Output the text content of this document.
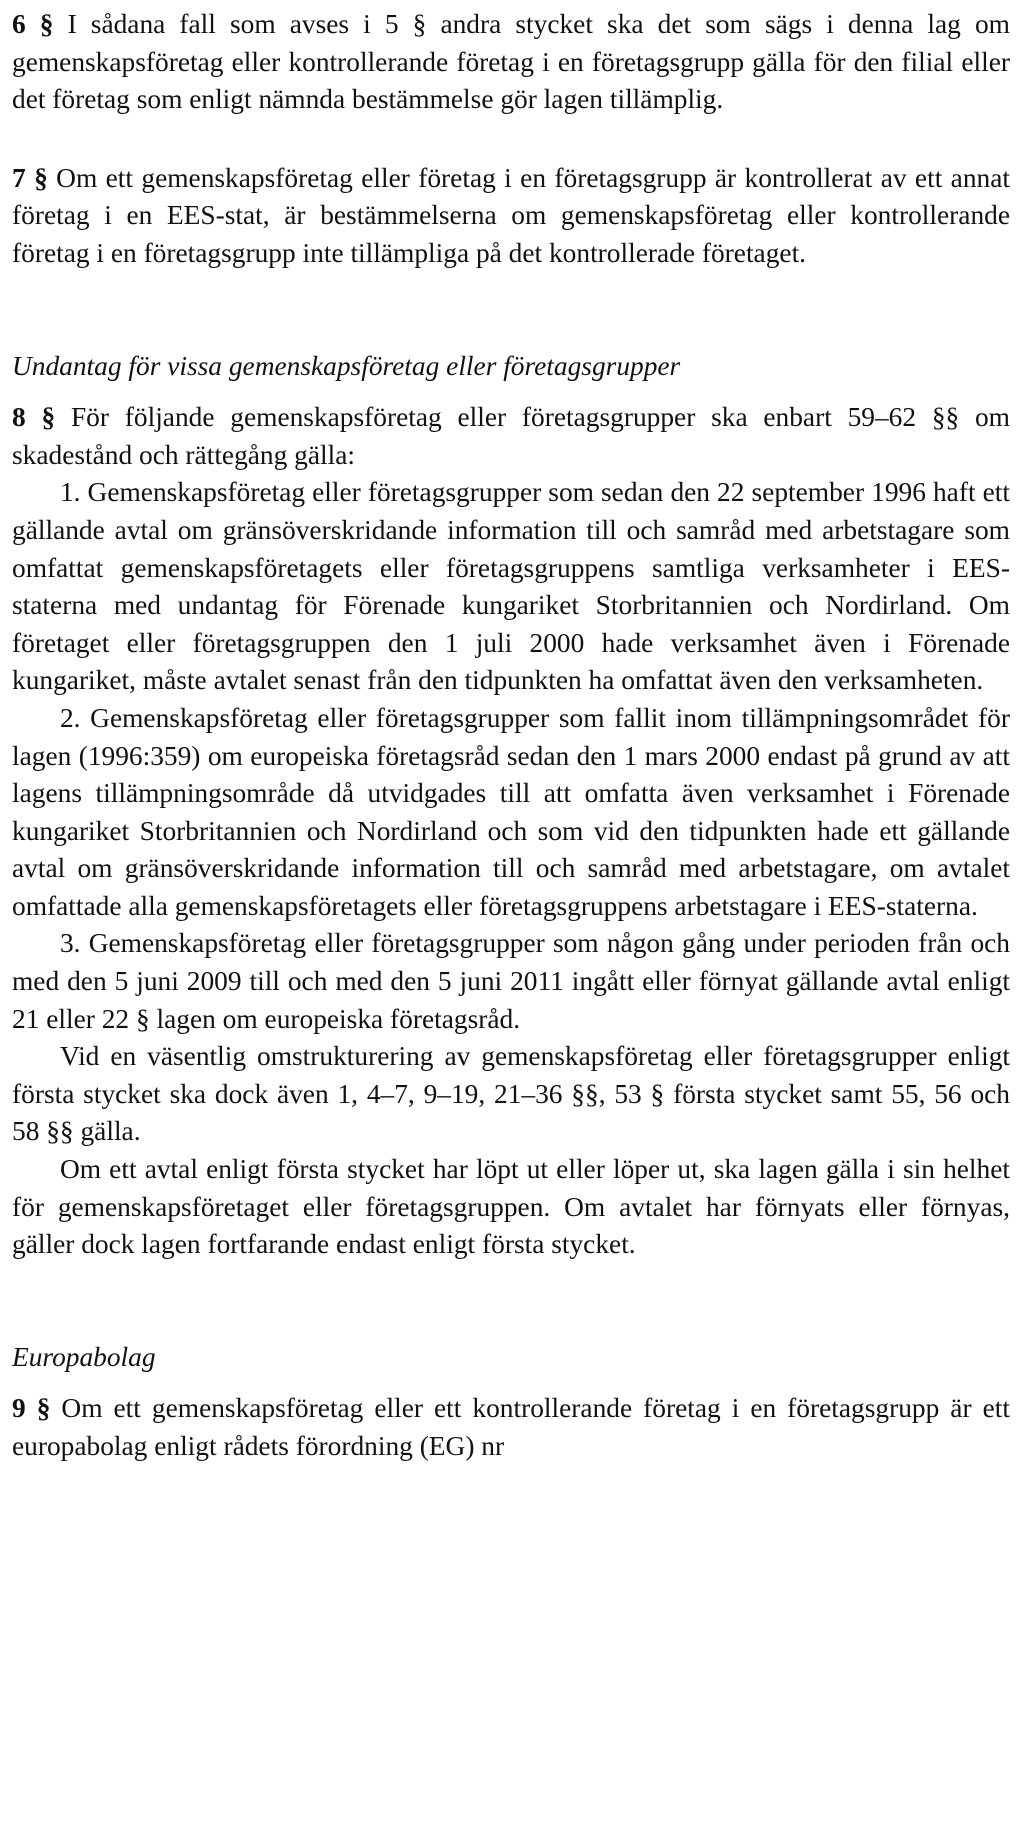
6 § I sådana fall som avses i 5 § andra stycket ska det som sägs i denna lag om gemenskapsföretag eller kontrollerande företag i en företagsgrupp gälla för den filial eller det företag som enligt nämnda bestämmelse gör lagen tillämplig.

7 § Om ett gemenskapsföretag eller företag i en företagsgrupp är kontrollerat av ett annat företag i en EES-stat, är bestämmelserna om gemenskapsföretag eller kontrollerande företag i en företagsgrupp inte tillämpliga på det kontrollerade företaget.

Undantag för vissa gemenskapsföretag eller företagsgrupper

8 § För följande gemenskapsföretag eller företagsgrupper ska enbart 59–62 §§ om skadestånd och rättegång gälla:

1. Gemenskapsföretag eller företagsgrupper som sedan den 22 september 1996 haft ett gällande avtal om gränsöverskridande information till och samråd med arbetstagare som omfattat gemenskapsföretagets eller företagsgruppens samtliga verksamheter i EES-staterna med undantag för Förenade kungariket Storbritannien och Nordirland. Om företaget eller företagsgruppen den 1 juli 2000 hade verksamhet även i Förenade kungariket, måste avtalet senast från den tidpunkten ha omfattat även den verksamheten.

2. Gemenskapsföretag eller företagsgrupper som fallit inom tillämpningsområdet för lagen (1996:359) om europeiska företagsråd sedan den 1 mars 2000 endast på grund av att lagens tillämpningsområde då utvidgades till att omfatta även verksamhet i Förenade kungariket Storbritannien och Nordirland och som vid den tidpunkten hade ett gällande avtal om gränsöverskridande information till och samråd med arbetstagare, om avtalet omfattade alla gemenskapsföretagets eller företagsgruppens arbetstagare i EES-staterna.

3. Gemenskapsföretag eller företagsgrupper som någon gång under perioden från och med den 5 juni 2009 till och med den 5 juni 2011 ingått eller förnyat gällande avtal enligt 21 eller 22 § lagen om europeiska företagsråd.

Vid en väsentlig omstrukturering av gemenskapsföretag eller företagsgrupper enligt första stycket ska dock även 1, 4–7, 9–19, 21–36 §§, 53 § första stycket samt 55, 56 och 58 §§ gälla.

Om ett avtal enligt första stycket har löpt ut eller löper ut, ska lagen gälla i sin helhet för gemenskapsföretaget eller företagsgruppen. Om avtalet har förnyats eller förnyas, gäller dock lagen fortfarande endast enligt första stycket.

Europabolag

9 § Om ett gemenskapsföretag eller ett kontrollerande företag i en företagsgrupp är ett europabolag enligt rådets förordning (EG) nr
